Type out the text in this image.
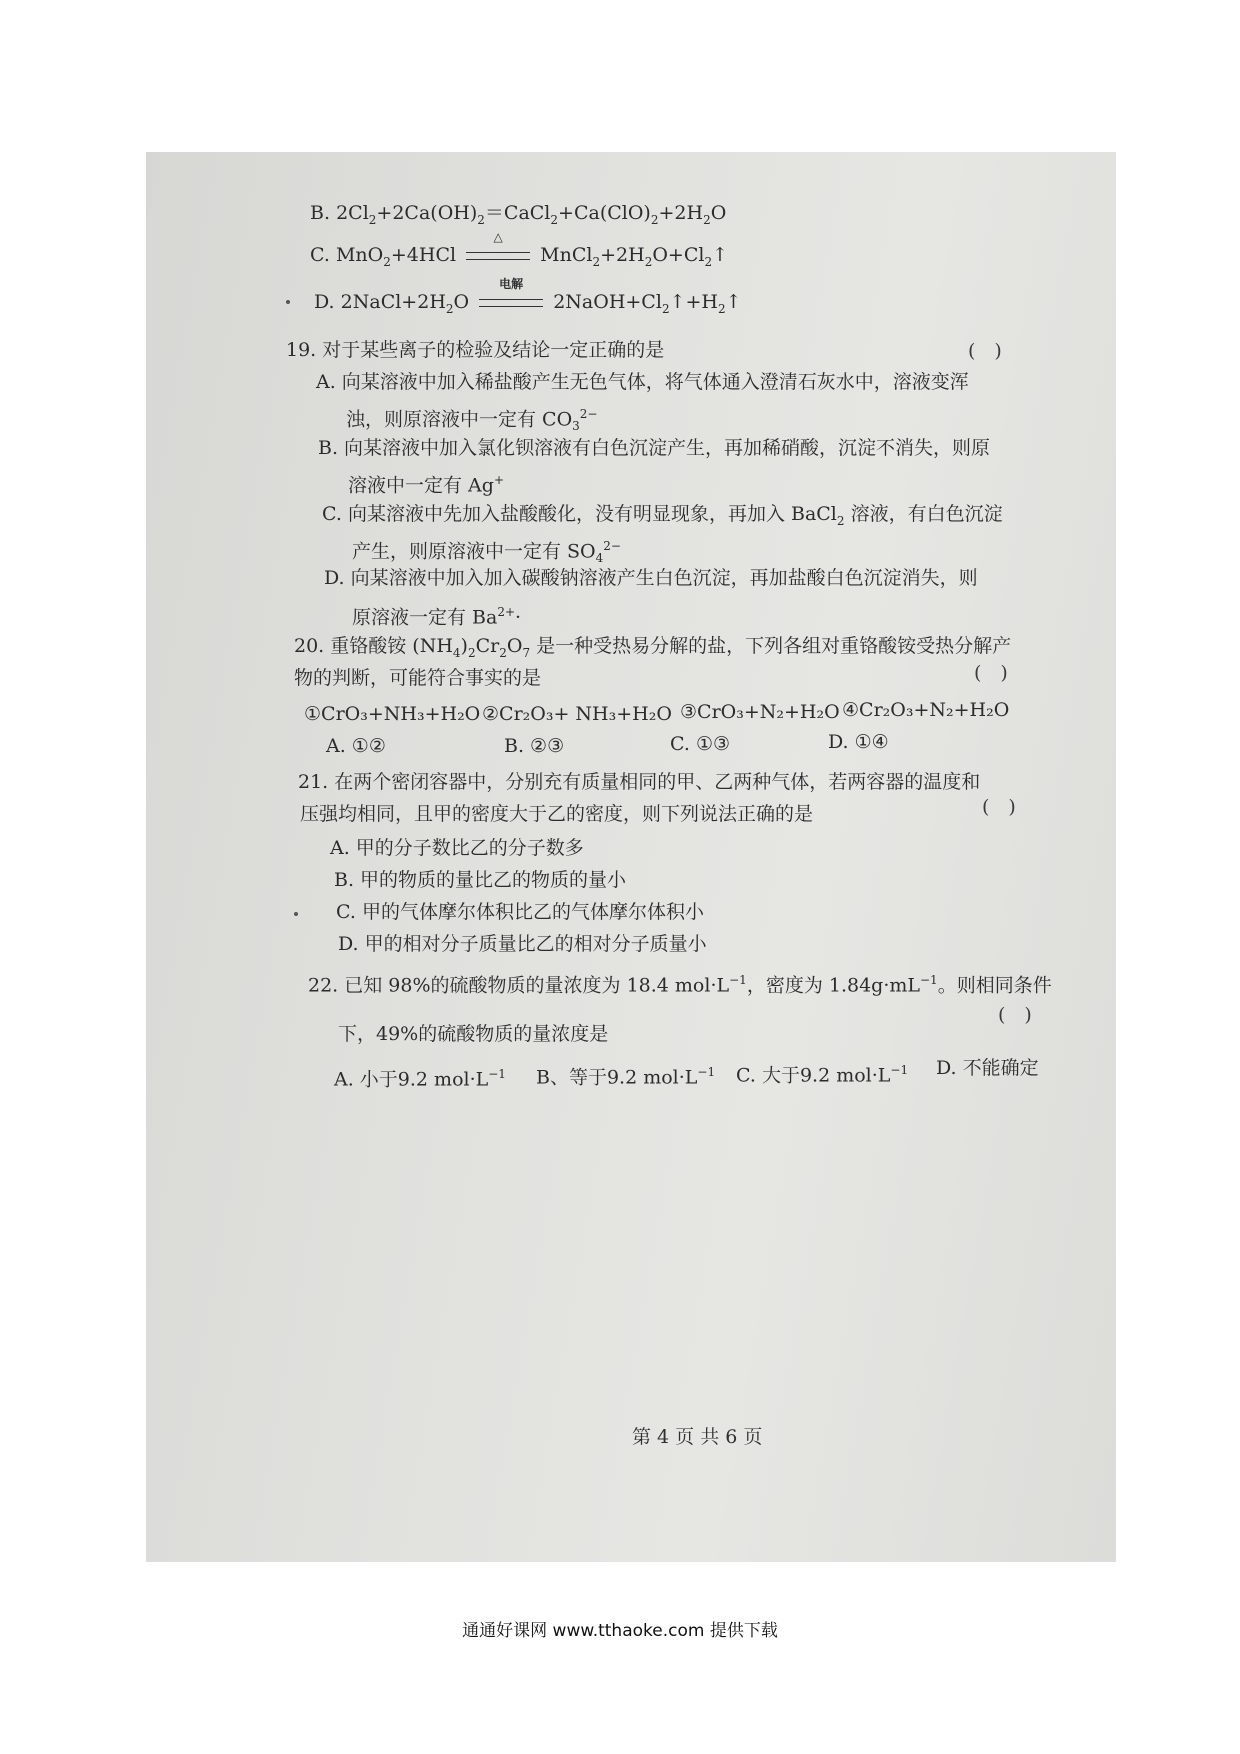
B. $2Cl_2+2Ca(OH)_2=CaCl_2+Ca(ClO)_2+2H_2O$
C. MnO$_2$+4HCl
△
$MnCl_2+2H_2O+Cl_2↑$
D. $2NaCl+2H_2O$
电解
$2NaOH+Cl_2↑+H_2↑$
19. 对于某些离子的检验及结论一定正确的是	(　)
A. 向某溶液中加入稀盐酸产生无色气体，将气体通入澄清石灰水中，溶液变浑
浊，则原溶液中一定有 $CO_3^{2-}$
B. 向某溶液中加入氯化钡溶液有白色沉淀产生，再加稀硝酸，沉淀不消失，则原
溶液中一定有 Ag+
C. 向某溶液中先加入盐酸酸化，没有明显现象，再加入 BaCl$_2$ 溶液，有白色沉淀
产生，则原溶液中一定有 $SO_4^{2-}$
D. 向某溶液中加入加入碳酸钠溶液产生白色沉淀，再加盐酸白色沉淀消失，则
原溶液一定有 $Ba^{2+}\cdot$
20. 重铬酸铵 $(NH_4)_2Cr_2O_7$ 是一种受热易分解的盐，下列各组对重铬酸铵受热分解产
物的判断，可能符合事实的是	(　)
①CrO₃+NH₃+H₂O ②Cr₂O₃+ NH₃+H₂O ③CrO₃+N₂+H₂O ④Cr₂O₃+N₂+H₂O
A. ①②	B. ②③	C. ①③	D. ①④
21. 在两个密闭容器中，分别充有质量相同的甲、乙两种气体，若两容器的温度和
压强均相同，且甲的密度大于乙的密度，则下列说法正确的是	(　)
A. 甲的分子数比乙的分子数多
B. 甲的物质的量比乙的物质的量小
C. 甲的气体摩尔体积比乙的气体摩尔体积小
D. 甲的相对分子质量比乙的相对分子质量小
22. 已知 98%的硫酸物质的量浓度为 18.4 $mol\cdot L^{-1}$，密度为 $1.84g\cdot mL^{-1}$。则相同条件
(　)
下，49%的硫酸物质的量浓度是
A. 小于9.2 $mol\cdot L^{-1}$ B、等于9.2 $mol\cdot L^{-1}$ C. 大于9.2 $mol\cdot L^{-1}$ D. 不能确定
第 4 页 共 6 页
通通好课网 www.tthaoke.com 提供下载
